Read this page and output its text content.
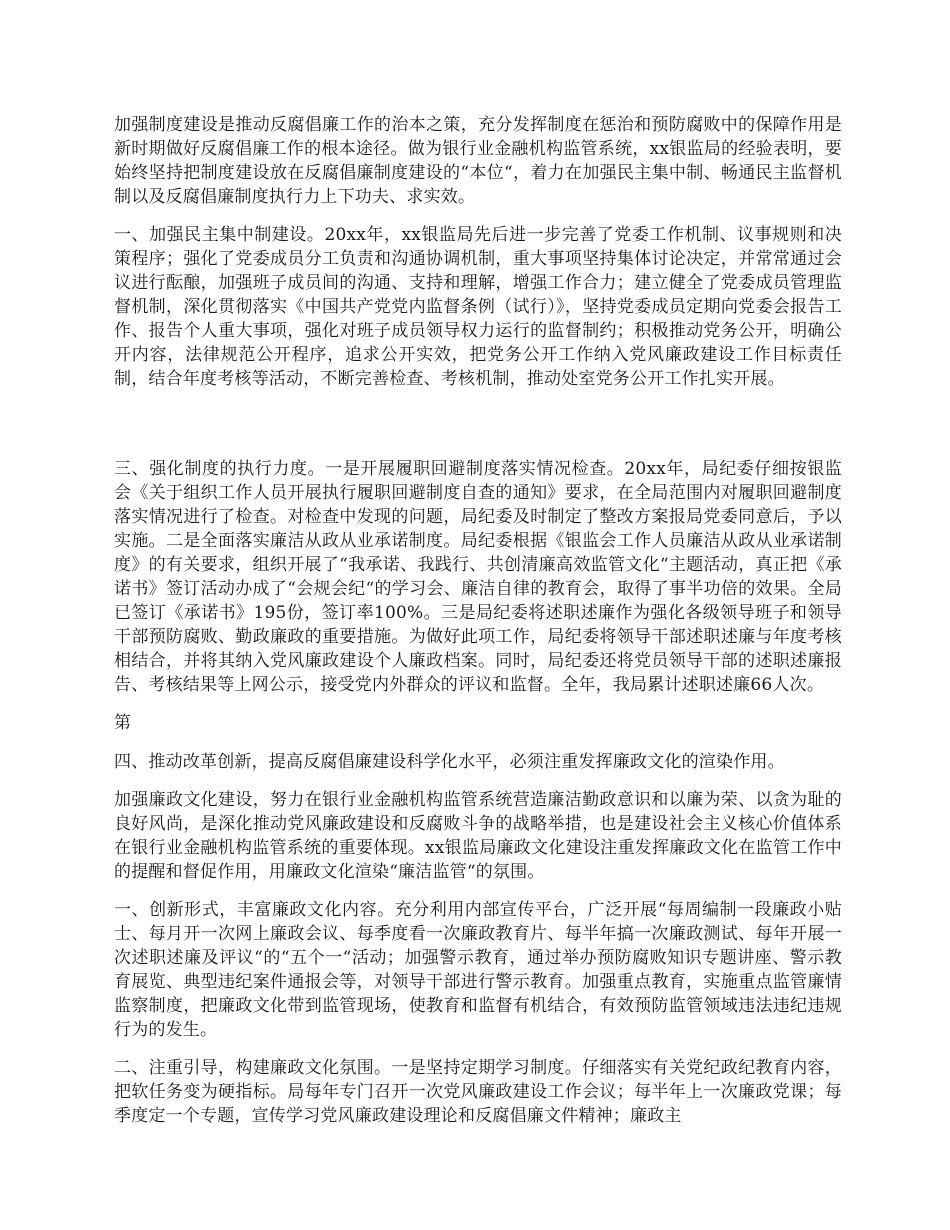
加强制度建设是推动反腐倡廉工作的治本之策，充分发挥制度在惩治和预防腐败中的保障作用是新时期做好反腐倡廉工作的根本途径。做为银行业金融机构监管系统，xx银监局的经验表明，要始终坚持把制度建设放在反腐倡廉制度建设的“本位“，着力在加强民主集中制、畅通民主监督机制以及反腐倡廉制度执行力上下功夫、求实效。

一、加强民主集中制建设。20xx年，xx银监局先后进一步完善了党委工作机制、议事规则和决策程序；强化了党委成员分工负责和沟通协调机制，重大事项坚持集体讨论决定，并常常通过会议进行酝酿，加强班子成员间的沟通、支持和理解，增强工作合力；建立健全了党委成员管理监督机制，深化贯彻落实《中国共产党党内监督条例（试行）》，坚持党委成员定期向党委会报告工作、报告个人重大事项，强化对班子成员领导权力运行的监督制约；积极推动党务公开，明确公开内容，法律规范公开程序，追求公开实效，把党务公开工作纳入党风廉政建设工作目标责任制，结合年度考核等活动，不断完善检查、考核机制，推动处室党务公开工作扎实开展。

三、强化制度的执行力度。一是开展履职回避制度落实情况检查。20xx年，局纪委仔细按银监会《关于组织工作人员开展执行履职回避制度自查的通知》要求，在全局范围内对履职回避制度落实情况进行了检查。对检查中发现的问题，局纪委及时制定了整改方案报局党委同意后，予以实施。二是全面落实廉洁从政从业承诺制度。局纪委根据《银监会工作人员廉洁从政从业承诺制度》的有关要求，组织开展了“我承诺、我践行、共创清廉高效监管文化“主题活动，真正把《承诺书》签订活动办成了“会规会纪“的学习会、廉洁自律的教育会，取得了事半功倍的效果。全局已签订《承诺书》195份，签订率100%。三是局纪委将述职述廉作为强化各级领导班子和领导干部预防腐败、勤政廉政的重要措施。为做好此项工作，局纪委将领导干部述职述廉与年度考核相结合，并将其纳入党风廉政建设个人廉政档案。同时，局纪委还将党员领导干部的述职述廉报告、考核结果等上网公示，接受党内外群众的评议和监督。全年，我局累计述职述廉66人次。

第

四、推动改革创新，提高反腐倡廉建设科学化水平，必须注重发挥廉政文化的渲染作用。

加强廉政文化建设，努力在银行业金融机构监管系统营造廉洁勤政意识和以廉为荣、以贪为耻的良好风尚，是深化推动党风廉政建设和反腐败斗争的战略举措，也是建设社会主义核心价值体系在银行业金融机构监管系统的重要体现。xx银监局廉政文化建设注重发挥廉政文化在监管工作中的提醒和督促作用，用廉政文化渲染“廉洁监管“的氛围。

一、创新形式，丰富廉政文化内容。充分利用内部宣传平台，广泛开展“每周编制一段廉政小贴士、每月开一次网上廉政会议、每季度看一次廉政教育片、每半年搞一次廉政测试、每年开展一次述职述廉及评议“的“五个一“活动；加强警示教育，通过举办预防腐败知识专题讲座、警示教育展览、典型违纪案件通报会等，对领导干部进行警示教育。加强重点教育，实施重点监管廉情监察制度，把廉政文化带到监管现场，使教育和监督有机结合，有效预防监管领域违法违纪违规行为的发生。

二、注重引导，构建廉政文化氛围。一是坚持定期学习制度。仔细落实有关党纪政纪教育内容，把软任务变为硬指标。局每年专门召开一次党风廉政建设工作会议；每半年上一次廉政党课；每季度定一个专题，宣传学习党风廉政建设理论和反腐倡廉文件精神；廉政主
